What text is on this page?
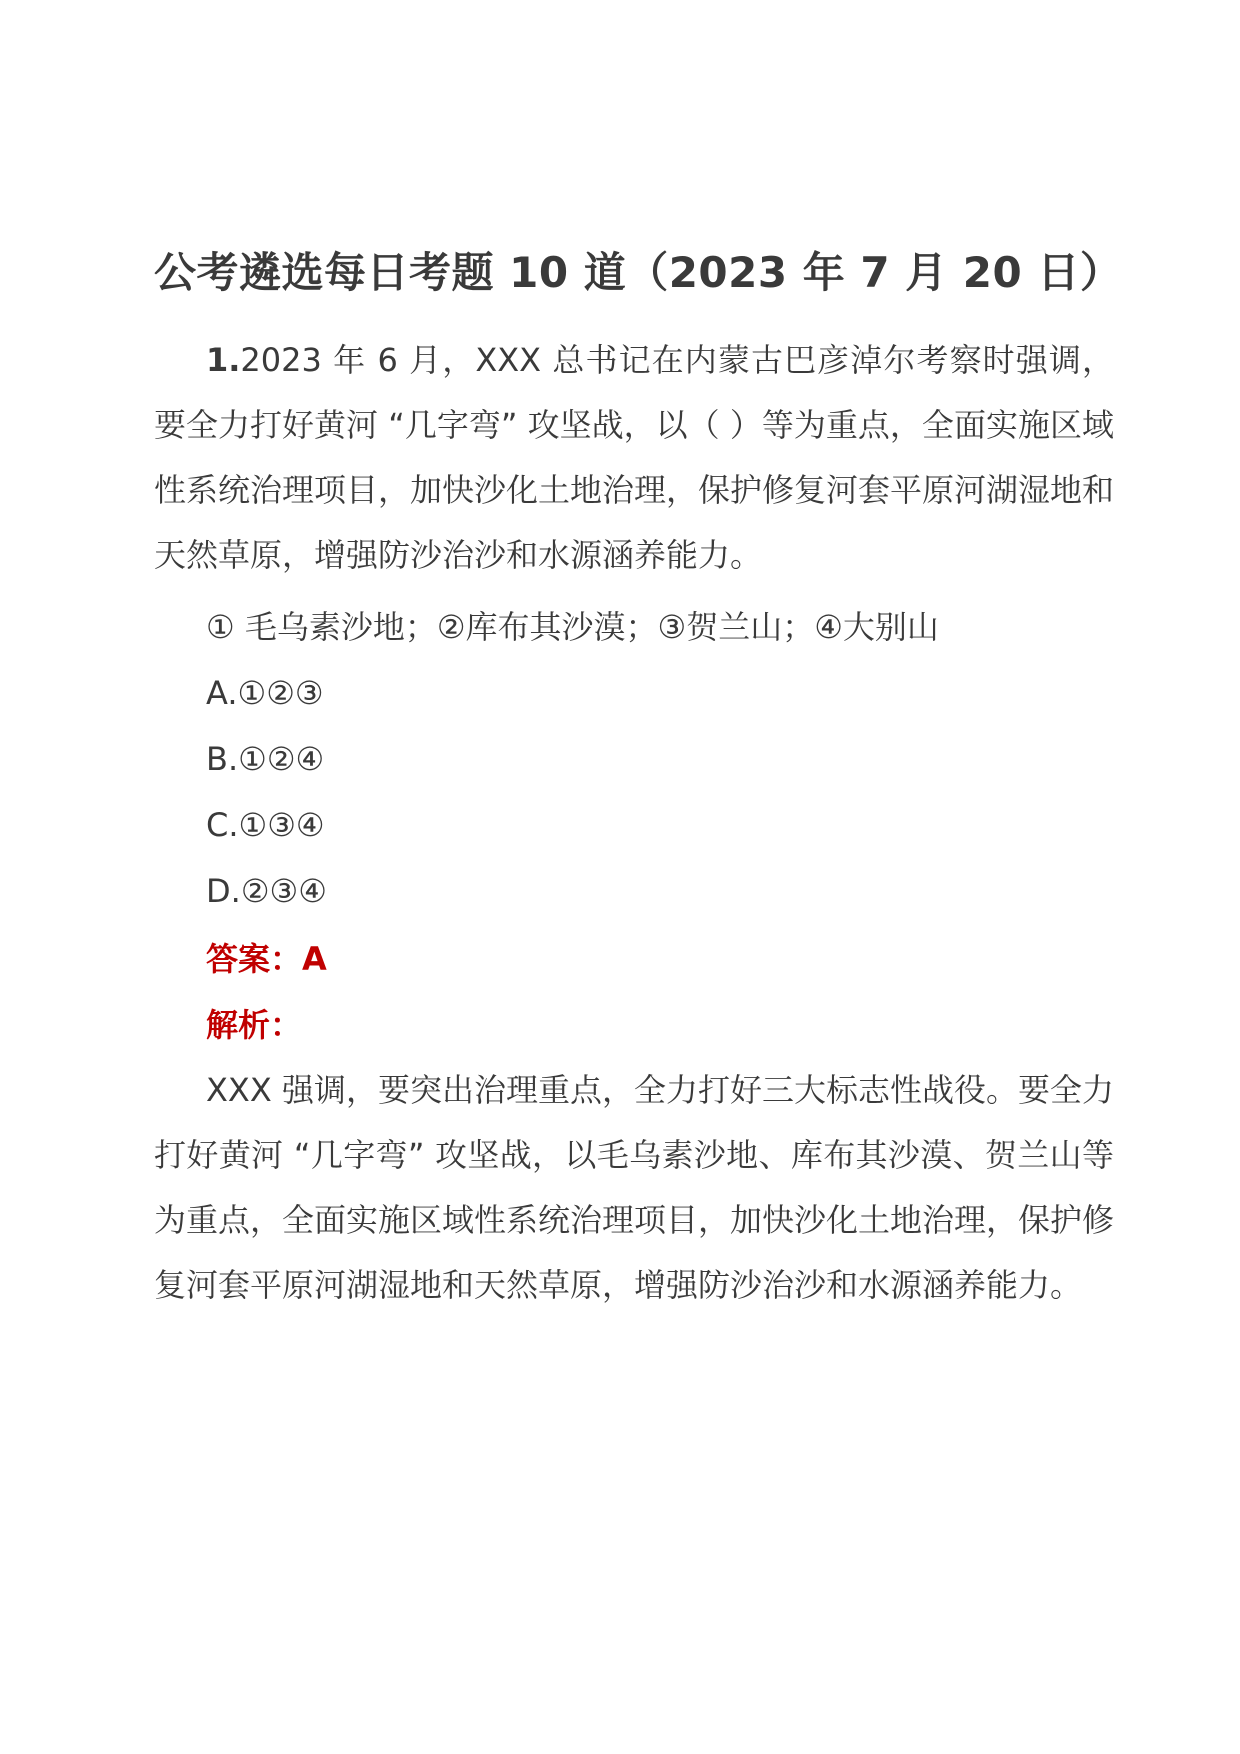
公考遴选每日考题 10 道（2023 年 7 月 20 日）

1.2023 年 6 月，XXX 总书记在内蒙古巴彦淖尔考察时强调，要全力打好黄河 “几字弯” 攻坚战，以（ ）等为重点，全面实施区域性系统治理项目，加快沙化土地治理，保护修复河套平原河湖湿地和天然草原，增强防沙治沙和水源涵养能力。

① 毛乌素沙地；②库布其沙漠；③贺兰山；④大别山

A.①②③

B.①②④

C.①③④

D.②③④

答案：A

解析：

XXX 强调，要突出治理重点，全力打好三大标志性战役。要全力打好黄河 “几字弯” 攻坚战，以毛乌素沙地、库布其沙漠、贺兰山等为重点，全面实施区域性系统治理项目，加快沙化土地治理，保护修复河套平原河湖湿地和天然草原，增强防沙治沙和水源涵养能力。
